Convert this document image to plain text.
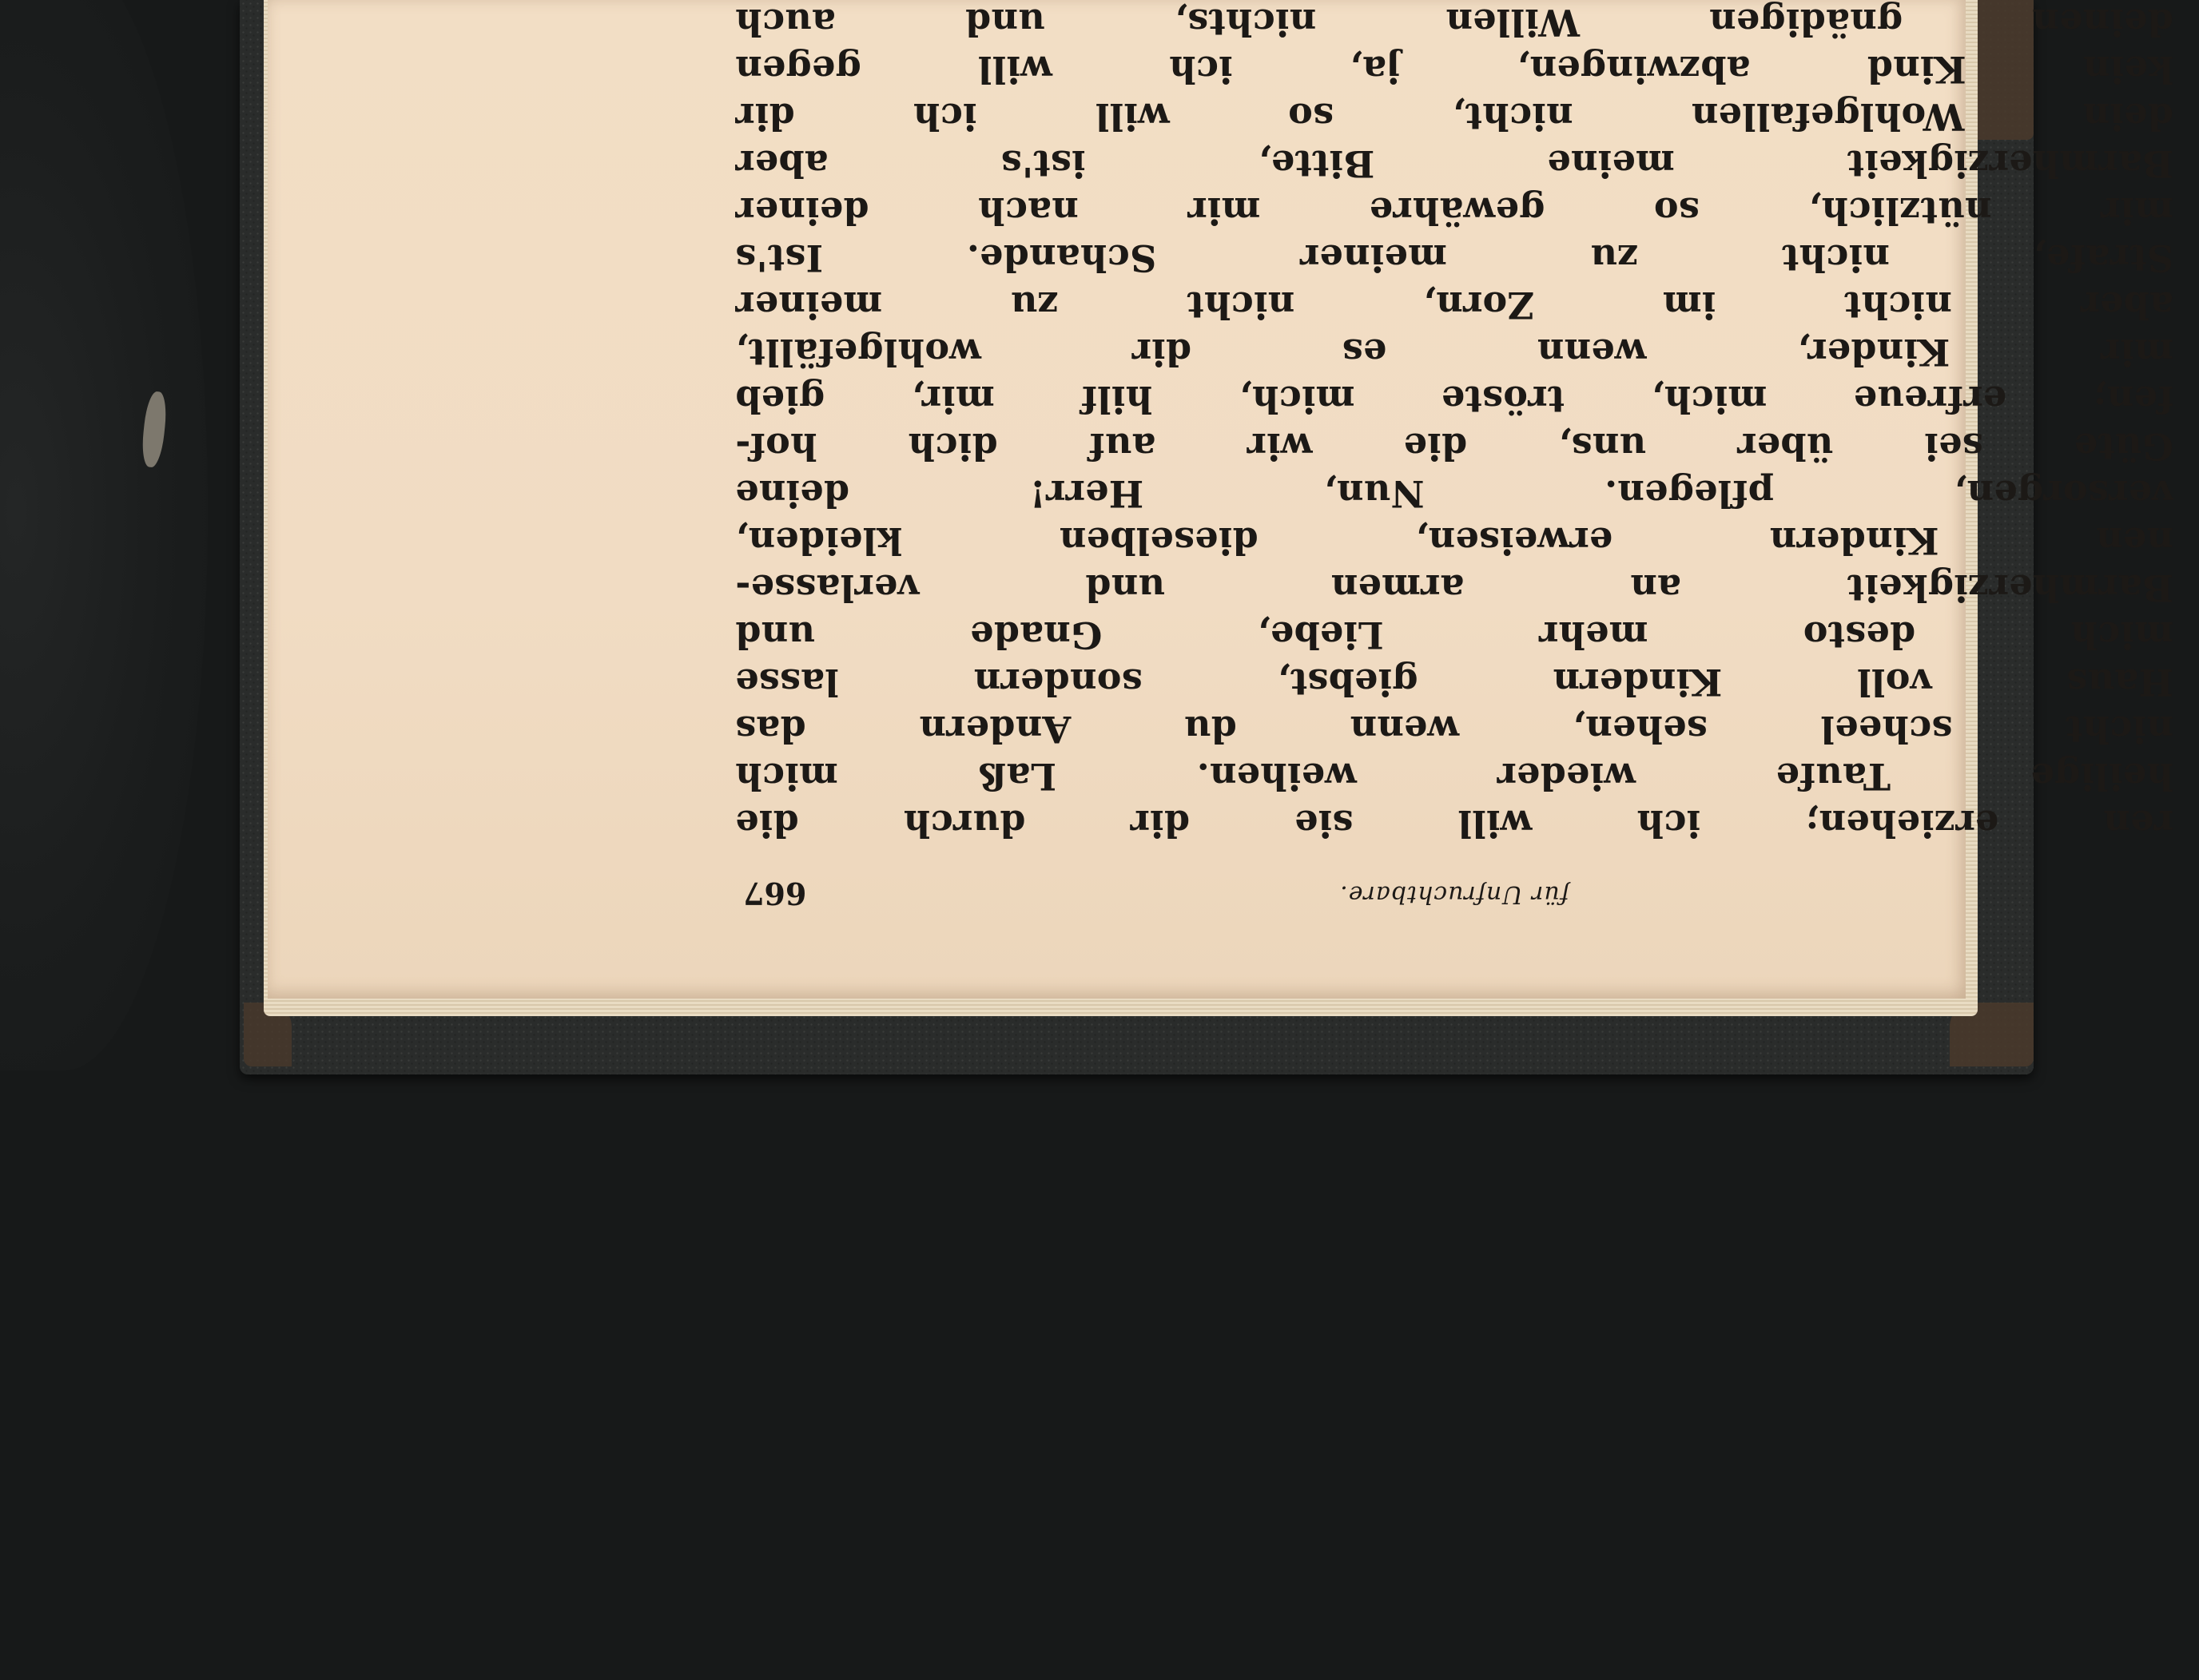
für Unfruchtbare.
667
ren erziehen; ich will sie dir durch die
heilige Taufe wieder weihen. Laß mich
nicht scheel sehen, wenn du Andern das
Haus voll Kindern giebst, sondern lasse
mich desto mehr Liebe, Gnade und
Barmherzigkeit an armen und verlasse-
nen Kindern erweisen, dieselben kleiden,
versorgen, pflegen. Nun, Herr! deine
Güte sei über uns, die wir auf dich hof-
fen; erfreue mich, tröste mich, hilf mir, gieb
mir Kinder, wenn es dir wohlgefällt,
aber nicht im Zorn, nicht zu meiner
Strafe, nicht zu meiner Schande. Ist's
mir nützlich, so gewähre mir nach deiner
Barmherzigkeit meine Bitte, ist's aber
dein Wohlgefallen nicht, so will ich dir
kein Kind abzwingen, ja, ich will gegen
deinen gnädigen Willen nichts, und auch
